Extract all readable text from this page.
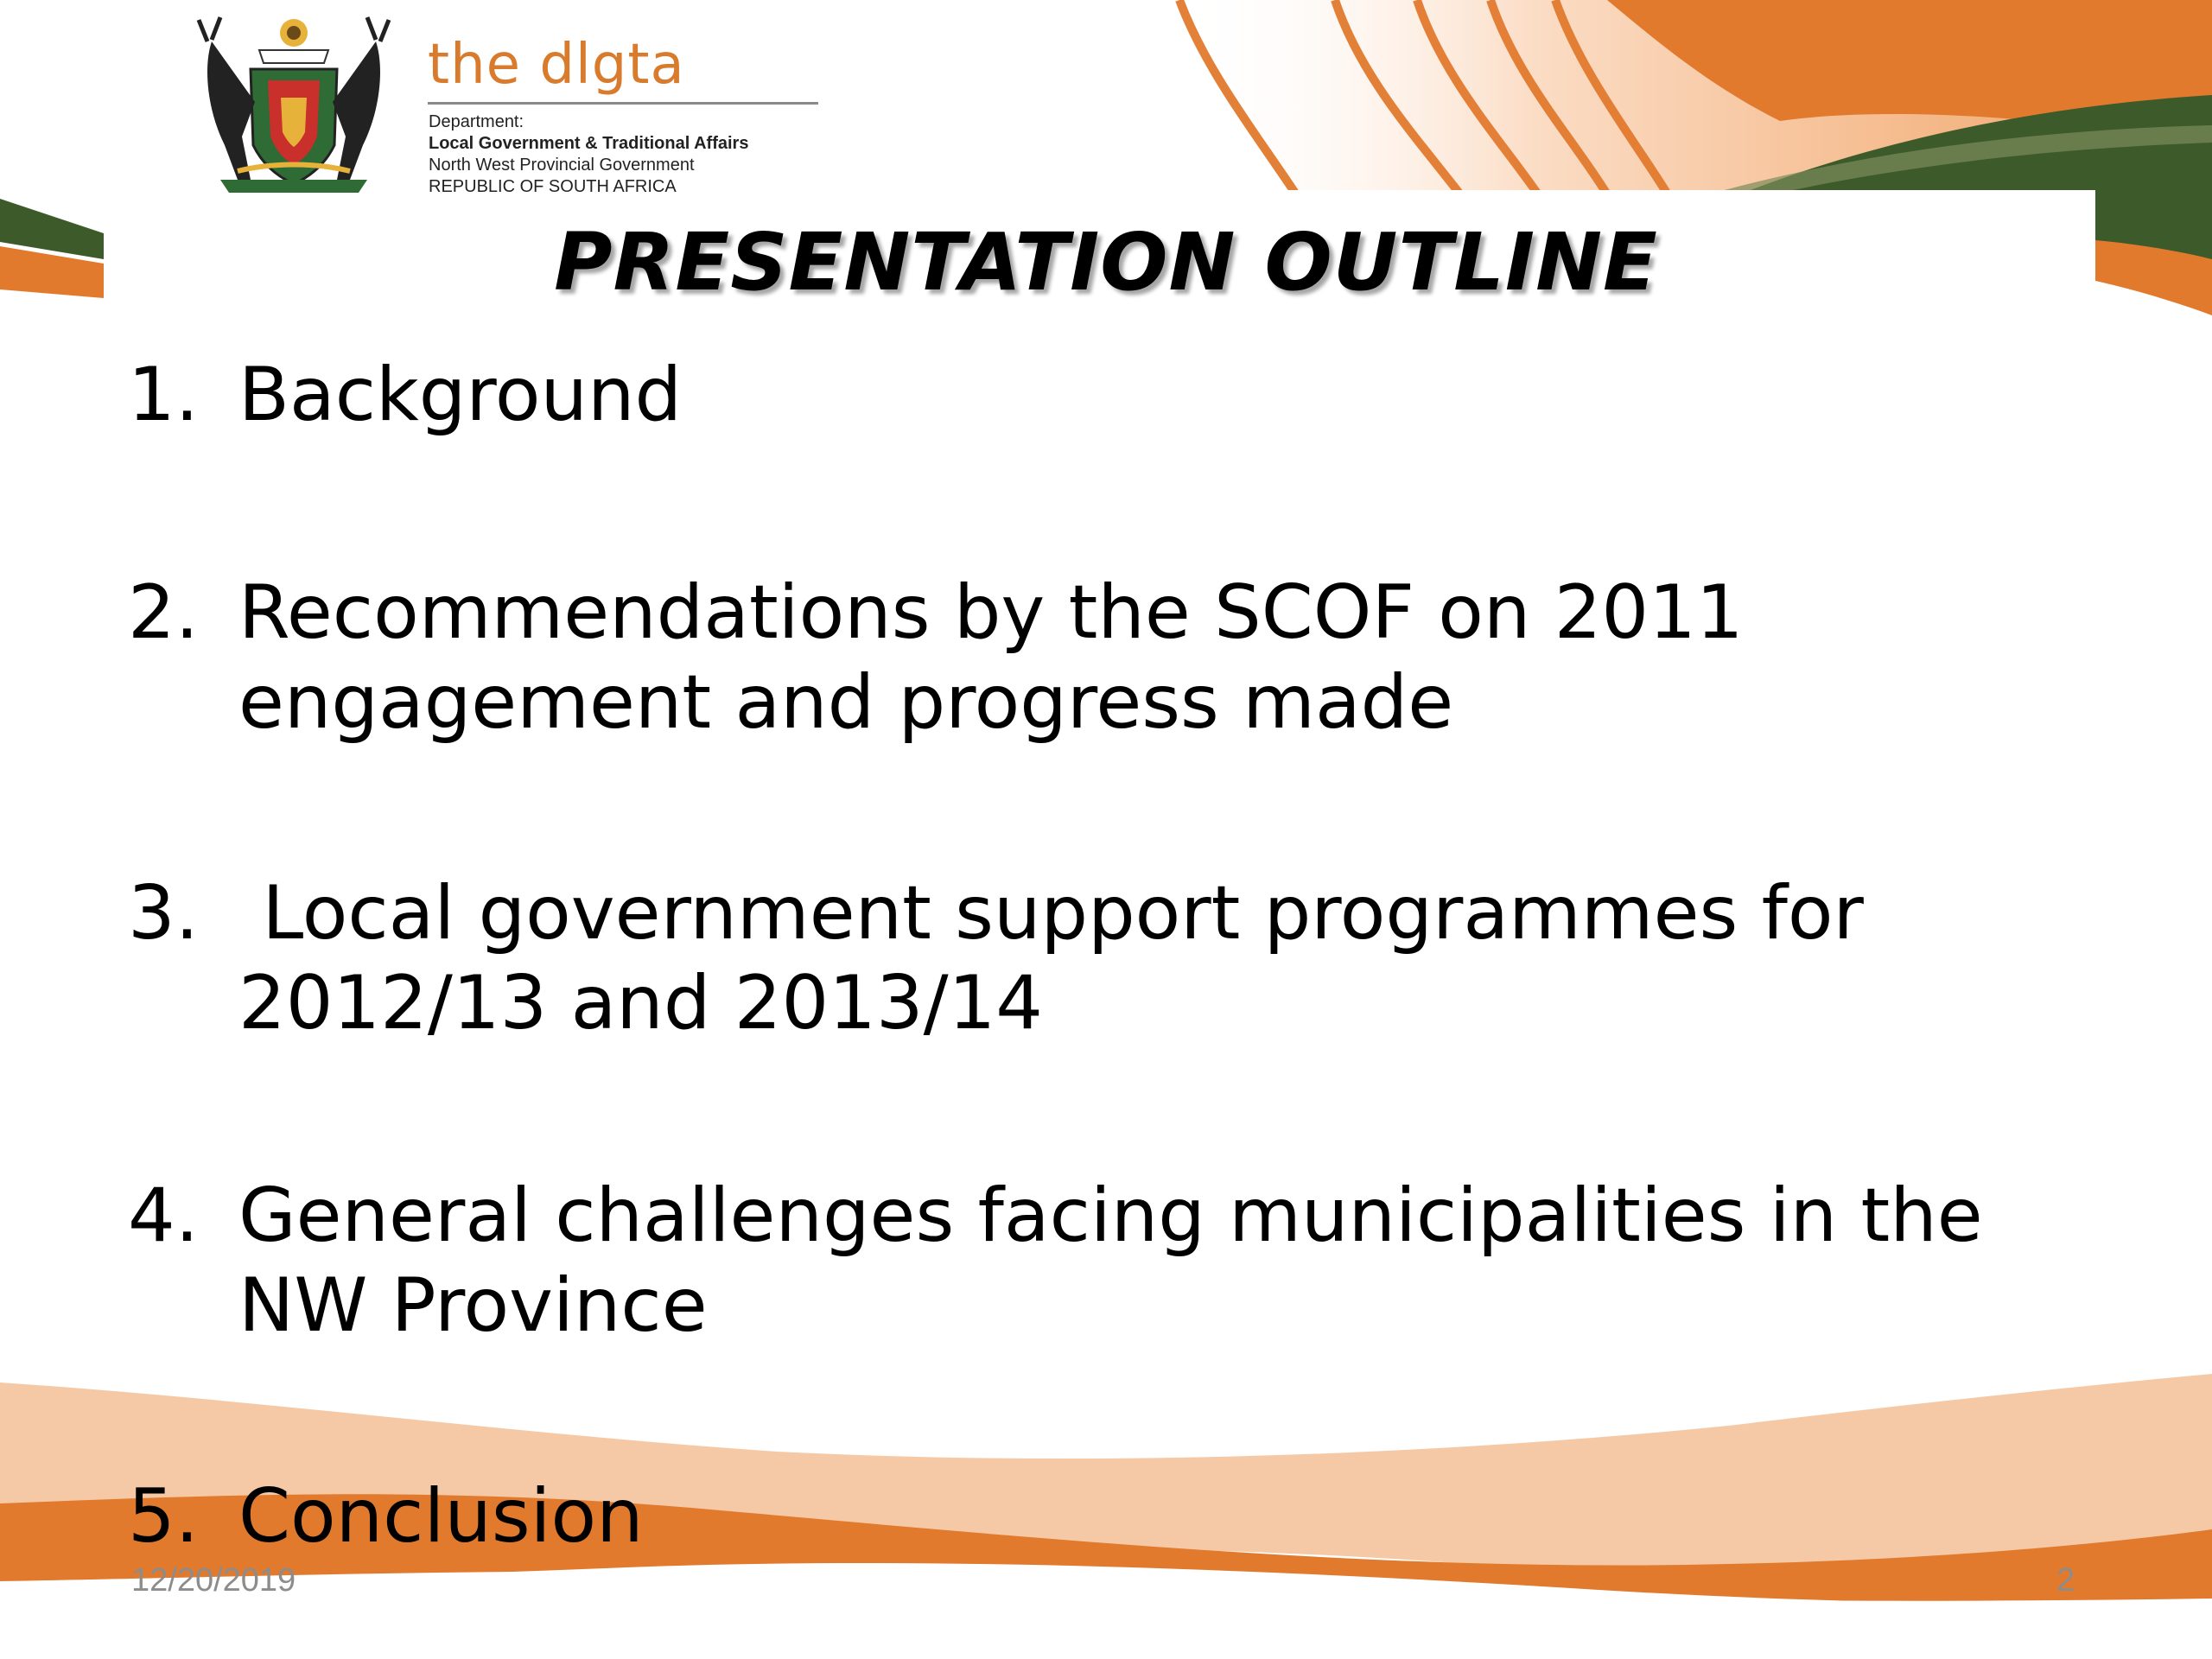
the dlgta
Department:
Local Government & Traditional Affairs
North West Provincial Government
REPUBLIC OF SOUTH AFRICA
PRESENTATION OUTLINE
1. Background
2. Recommendations by the SCOF on 2011
engagement and progress made
3. Local government support programmes for
2012/13 and 2013/14
4. General challenges facing municipalities in the
NW Province
5. Conclusion
12/20/2019	2
